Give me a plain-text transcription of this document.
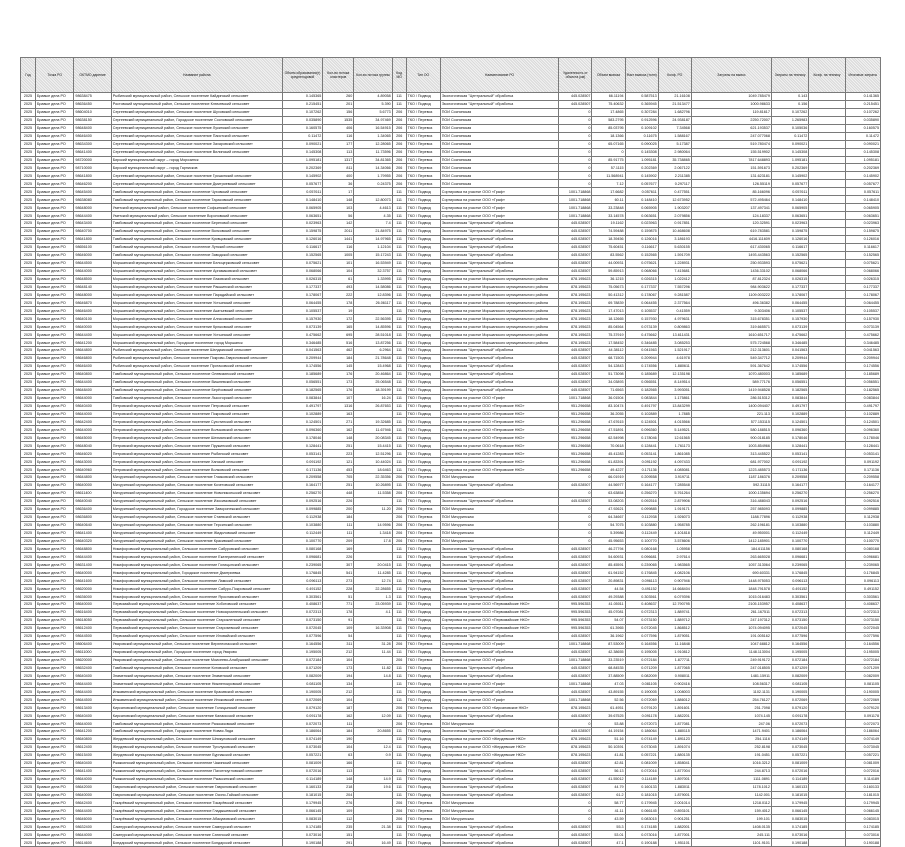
Год	Точка РО	ОКТМО дарение	Название района	Объем образования(т) среднегодовой	Кол-во потока кластеров	Кол-во потока группы	Код МО	Тип ОО	Наименование РО	Удаленность от объекта (км)	Объем вывоза	Факт вывоза (тонн)	Коэф. РО	Затраты на вывоз	Затраты на технику	Коэф. на технику	Итоговые затраты
2025	Бравые дела РО	98638475	Рыбинский муниципальный район, Сельское поселение Кайдинский сельсовет	0.145365	260	4.89058	111	ТКО / Подвод	Экологическая "Центральный" обработка	445.028507	66.11194	0.587513	21.16108	1049.785479	0.143		0.141365
2025	Бравые дела РО	98636450	Ростовский муниципальный район, Сельское поселение Ключевский сельсовет	0.215451	201	5.390	111	ТКО / Подвод	Экологическая "Центральный" обработка	445.028507	75.40632	0.365945	21.513477	1000.98633	0.156		0.215451
2025	Бравые дела РО	98604010	Сергеевский муниципальный район, Сельское поселение Шуховский сельсовет	0.107262	156	5.6773	206	ТКО / Перевоз	ПОИ Соснинская	0	17.4865	0.307284	1.682796	119.81617	0.107262		0.107262
2025	Бравые дела РО	98638150	Сергеевский муниципальный район, Городское поселение Сосновский сельсовет	0.035890	1535	34.97469	206	ТКО / Перевоз	ПОИ Соснинская	0	583.2795	0.912596	24.938187	2250.72007	1.265983		0.035890
2025	Бравые дела РО	98648400	Сергеевский муниципальный район, Сельское поселение Лукинский сельсовет	0.160575	406	16.54915	206	ТКО / Перевоз	ПОИ Соснинская	0	85.03795	0.109102	7.34568	621.193537	0.105036		0.160575
2025	Бравые дела РО	98646400	Сергеевский муниципальный район, Сельское поселение Паистский сельсовет	0.11472	116	1.34065	206	ТКО / Перевоз	ПОИ Соснинская	0	18.1366	0.11675	1.588167	247.077068	0.11472		0.11472
2025	Бравые дела РО	98634300	Сергеевский муниципальный район, Сельское поселение Захаровский сельсовет	0.090021	177	12.28065	206	ТКО / Перевоз	ПОИ Соснинская	0	65.07165	0.090025	5.17387	519.780474	0.090021		0.090021
2025	Бравые дела РО	98641400	Сергеевский муниципальный район, Сельское поселение Вилинский сельсовет	0.145308	113	11.73596	206	ТКО / Перевоз	ПОИ Соснинская	0	0	0.145308	2.980064	155.519902	0.145308		0.145308
2025	Бравые дела РО	98720000	Бирский муниципальный округ – город Морозинск	1.095181	1317	34.81365	206	ТКО / Перевоз	ПОИ Соснинская	0	85.91775	1.095181	35.738865	7817.648893	1.095181		1.095181
2025	Бравые дела РО	98710000	Бирский муниципальный округ – город Гарнисков	0.202369	811	14.34066	206	ТКО / Перевоз	ПОИ Соснинская	0	57.1115	0.202369	2.067122	151.591673	0.202369		0.202369
2025	Бравые дела РО	98641800	Сергеевский муниципальный район, Сельское поселение Гришинский сельсовет	0.145902	400	1.79955	206	ТКО / Перевоз	ПОИ Соснинская	0	11.568941	0.145902	2.211385	131.623181	0.145902		0.145902
2025	Бравые дела РО	98646200	Сергеевский муниципальный район, Сельское поселение Дмитриевский сельсовет	0.057677	36	0.24375	206	ТКО / Перевоз	ПОИ Соснинская	0	7.12	0.057677	0.297117	126.55119	0.057677		0.057677
2025	Бравые дела РО	98645400	Тамбовский муниципальный район, Сельское поселение Чуховский сельсовет	0.057611	17		111	ТКО / Подвод	Сортировка на участке ООО «Граф»	1001.718868	17.6682	0.057611	0.477551	85.166096	0.057611		0.057611
2025	Бравые дела РО	98638080	Тамбовский муниципальный район, Сельское поселение Тарасовский сельсовет	0.148410	148	12.80073	111	ТКО / Подвод	Сортировка на участке ООО «Граф»	1001.718868	60.11	0.148410	12.673952	572.495464	0.148410		0.148410
2025	Бравые дела РО	98648000	Уметский муниципальный район, Сельское поселение Софьинский сельсовет	0.065905	103	4.4613	111	ТКО / Подвод	Сортировка на участке ООО «Граф»	1001.718868	33.23848	0.065905	1.903207	137.497341	0.065905		0.065905
2025	Бравые дела РО	98644400	Уметский муниципальный район, Сельское поселение Вороновский сельсовет	0.063651	56	4.35	111	ТКО / Подвод	Сортировка на участке ООО «Граф»	1001.718868	33.14578	0.063651	2.079856	124.18337	0.063651		0.063651
2025	Бравые дела РО	98643400	Тамбовский муниципальный район, Сельское поселение Береговой сельсовет	0.023963	142	7.4	111	ТКО / Подвод	Экологическая "Центральный" обработка	445.028507	19.1162	0.023963	0.917851	120.32591	0.023963		0.023963
2025	Бравые дела РО	98640700	Тамбовский муниципальный район, Сельское поселение Волковский сельсовет	0.159875	2011	21.84975	111	ТКО / Подвод	Экологическая "Центральный" обработка	445.028507	74.59488	0.159875	10.468608	619.783581	0.159875		0.159875
2025	Бравые дела РО	98641800	Тамбовский муниципальный район, Сельское поселение Кривцовский сельсовет	0.126016	1441	14.97965	111	ТКО / Подвод	Экологическая "Центральный" обработка	445.028507	18.39456	0.126016	3.186193	4416.111609	0.126016		0.126016
2025	Бравые дела РО	98656100	Тамбовский муниципальный район, Сельское поселение Лунский сельсовет	0.116617	116	1.12104	111	ТКО / Подвод	Экологическая "Центральный" обработка	445.028507	75.60451	0.116617	5.630155	617.430065	0.116617		0.116617
2025	Бравые дела РО	98646000	Тамбовский муниципальный район, Сельское поселение Заводской сельсовет	0.152565	1005	15.17243	111	ТКО / Подвод	Экологическая "Центральный" обработка	445.028507	83.5562	0.152565	1.591709	1493.443563	0.152565		0.152565
2025	Бравые дела РО	98644500	Моршанский муниципальный район, Сельское поселение Белоцерковский сельсовет	0.075621	101	16.53949	111	ТКО / Подвод	Экологическая "Центральный" обработка	445.028507	44.00931	0.075621	1.228931	250.933593	0.075621		0.075621
2025	Бравые дела РО	98644000	Моршанский муниципальный район, Сельское поселение Аргамаковский сельсовет	0.068066	104	32.3757	111	ТКО / Подвод	Экологическая "Центральный" обработка	445.028507	59.85913	0.068066	7.415681	1436.33102	0.068066		0.068066
2025	Бравые дела РО	98648500	Моршанский муниципальный район, Сельское поселение Лазовский сельсовет	0.026315	61	1.33995	111	ТКО / Подвод	Сортировка на участке Моршанского муниципального района	878.195623	36.1215	0.026315	1.022412	87.812324	0.026315		0.026315
2025	Бравые дела РО	98648140	Моршанский муниципальный район, Сельское поселение Ракшинский сельсовет	0.177337	493	14.58086	111	ТКО / Подвод	Сортировка на участке Моршанского муниципального района	878.195623	75.05673	0.177337	7.557296	984.903622	0.177337		0.177337
2025	Бравые дела РО	98648000	Моршанский муниципальный район, Сельское поселение Парадийский сельсовет	0.178067	222	12.8396	111	ТКО / Подвод	Сортировка на участке Моршанского муниципального района	878.195623	50.41312	0.178067	9.281587	1109.003222	0.178067		0.178067
2025	Бравые дела РО	98646870	Моршанский муниципальный район, Сельское поселение Устьинский сельсовет	0.064455	178	26.06117	111	ТКО / Подвод	Сортировка на участке Моршанского муниципального района	878.195623	69.78839	0.064455	2.377564	496.36382	0.064455		0.064455
2025	Бравые дела РО	98646400	Моршанский муниципальный район, Сельское поселение Акатьевский сельсовет	0.105537	19		111	ТКО / Подвод	Сортировка на участке Моршанского муниципального района	878.195623	17.47013	0.105537	0.41559	9.303406	0.105537		0.105537
2025	Бравые дела РО	98640100	Моршанский муниципальный район, Сельское поселение Алгасовский сельсовет	0.157930	172	22.56395	111	ТКО / Подвод	Сортировка на участке Моршанского муниципального района	878.195623	18.12665	0.157930	4.979631	315.678351	0.157930		0.157930
2025	Бравые дела РО	98640000	Моршанский муниципальный район, Сельское поселение Крюковский сельсовет	0.073139	165	14.85596	111	ТКО / Подвод	Сортировка на участке Моршанского муниципального района	878.195623	85.04564	0.073139	0.809863	319.665571	0.073139		0.073139
2025	Бравые дела РО	98644400	Моршанский муниципальный район, Сельское поселение Устьинский сельсовет	0.475662	695	28.51018	111	ТКО / Подвод	Сортировка на участке Моршанского муниципального района	878.195623	75.37919	0.475662	13.611431	1610.651717	0.475662		0.475662
2025	Бравые дела РО	98641200	Моршанский муниципальный район, Городское поселение город Моршанск	0.346485	516	13.87256	111	ТКО / Подвод	Сортировка на участке Моршанского муниципального района	878.195623	17.58452	0.346485	3.085253	575.724568	0.346485		0.346485
2025	Бравые дела РО	98644800	Рыбинский муниципальный район, Сельское поселение Шелдаисский сельсовет	0.041563	462	6.2964	111	ТКО / Подвод	Экологическая "Центральный" обработка	445.028507	44.38112	0.041563	1.521917	212.313601	0.041563		0.041563
2025	Бравые дела РО	98646800	Рыбинский муниципальный район, Сельское поселение Покрово-Гавриловский сельсовет	0.209944	184	21.78648	111	ТКО / Подвод	Экологическая "Центральный" обработка	445.028507	68.71503	0.209944	4.61978	549.347712	0.209944		0.209944
2025	Бравые дела РО	98646400	Рыбинский муниципальный район, Сельское поселение Протасовский сельсовет	0.174556	145	15.4968	111	ТКО / Подвод	Экологическая "Центральный" обработка	445.028507	54.12843	0.174556	1.880611	591.367642	0.174556		0.174556
2025	Бравые дела РО	98640800	Тамбовский муниципальный район, Сельское поселение Олевизинский сельсовет	0.185689	176	20.46864	111	ТКО / Подвод	Экологическая "Центральный" обработка	445.028507	51.73098	0.185689	12.135198	1070.480003	0.185689		0.185689
2025	Бравые дела РО	98644400	Тамбовский муниципальный район, Сельское поселение Вишневский сельсовет	0.056551	173	25.06548	111	ТКО / Подвод	Экологическая "Центральный" обработка	445.028507	34.03893	0.056551	8.149514	589.77176	0.056551		0.056551
2025	Бравые дела РО	98648400	Тамбовский муниципальный район, Сельское поселение Берёзовский сельсовет	0.182565	176	18.39199	111	ТКО / Подвод	Экологическая "Центральный" обработка	445.028507	71.6563	0.182565	3.993051	1419.948528	0.182565		0.182565
2025	Бравые дела РО	98644000	Тамбовский муниципальный район, Сельское поселение Лысогорский сельсовет	0.083844	107	16.24	111	ТКО / Подвод	Сортировка на участке ООО «Граф»	1001.718868	36.01504	0.083844	1.175861	286.515312	0.083844		0.083844
2025	Бравые дела РО	98640400	Петровский муниципальный район, Сельское поселение Петровский сельсовет	0.491797	1316	26.87653	111	ТКО / Подвод	Сортировка на участке ООО «Петровские НКО»	951.296658	83.10474	0.491797	13.843299	1400.094407	0.491797		0.491797
2025	Бравые дела РО	98644000	Петровский муниципальный район, Сельское поселение Покровский сельсовет	0.102889	163		111	ТКО / Подвод	Сортировка на участке ООО «Петровские НКО»	951.296658	36.2055	0.102889	1.7885	221.113	0.102889		0.102889
2025	Бравые дела РО	98642400	Петровский муниципальный район, Сельское поселение Сухотинский сельсовет	0.124501	271	19.32685	111	ТКО / Подвод	Сортировка на участке ООО «Петровские НКО»	951.296658	47.67615	0.124501	4.015566	577.153115	0.124501		0.124501
2025	Бравые дела РО	98644000	Петровский муниципальный район, Сельское поселение Волчковский сельсовет	0.096360	162	11.67946	111	ТКО / Подвод	Сортировка на участке ООО «Петровские НКО»	951.296658	47.51891	0.096360	5.149521	580.188515	0.096360		0.096360
2025	Бравые дела РО	98645000	Петровский муниципальный район, Сельское поселение Шехманский сельсовет	0.178046	148	20.08345	111	ТКО / Подвод	Сортировка на участке ООО «Петровские НКО»	951.296658	62.54998	0.178046	12.61565	900.018185	0.178046		0.178046
2025	Бравые дела РО	98648040	Петровский муниципальный район, Сельское поселение Пружинский сельсовет	0.128441	251	15.4415	111	ТКО / Подвод	Сортировка на участке ООО «Петровские НКО»	951.296658	70.0618	0.128441	1.761173	1003.854966	0.128441		0.128441
2025	Бравые дела РО	98646020	Петровский муниципальный район, Сельское поселение Рыбинский сельсовет	0.053141	223	12.51296	111	ТКО / Подвод	Сортировка на участке ООО «Петровские НКО»	951.296658	45.41283	0.053141	1.861085	313.445522	0.053141		0.053141
2025	Бравые дела РО	98643000	Петровский муниципальный район, Сельское поселение Ханский сельсовет	0.091192	121	10.44024	111	ТКО / Подвод	Сортировка на участке ООО «Петровские НКО»	951.296658	61.83391	0.091192	4.097433	681.977002	0.091192		0.091192
2025	Бравые дела РО	98640960	Петровский муниципальный район, Сельское поселение Волковский сельсовет	0.171136	453	18.6463	111	ТКО / Подвод	Сортировка на участке ООО «Петровские НКО»	951.296658	49.4227	0.171136	4.085081	1223.485573	0.171136		0.171136
2025	Бравые дела РО	98644800	Мичуринский муниципальный район, Сельское поселение Глазковский сельсовет	0.209558	705	22.35356	206	ТКО / Перевоз	ПОИ Мичуринская	0	66.01919	0.209558	3.919711	1187.186376	0.209558		0.209558
2025	Бравые дела РО	98640000	Мичуринский муниципальный район, Сельское поселение Кочетовский сельсовет	0.164177	251	10.26895	111	ТКО / Подвод	Экологическая "Центральный" обработка	445.028507	44.56977	0.164177	7.285548	592.31115	0.164177		0.164177
2025	Бравые дела РО	98611400	Мичуринский муниципальный район, Сельское поселение Новоникольский сельсовет	0.256270	448	11.5358	206	ТКО / Перевоз	ПОИ Мичуринская	0	63.63854	0.256270	5.761264	1000.135694	0.256270		0.256270
2025	Бравые дела РО	98640040	Мичуринский муниципальный район, Сельское поселение Изосимовский сельсовет	0.092516	226		111	ТКО / Подвод	Экологическая "Центральный" обработка	445.028507	53.08203	0.092516	2.879906	316.488043	0.092516		0.092516
2025	Бравые дела РО	98636400	Мичуринский муниципальный район, Городское поселение Заворонежский сельсовет	0.099885	200	11.20	206	ТКО / Перевоз	ПОИ Мичуринская	0	47.92621	0.099885	1.919171	257.985093	0.099885		0.099885
2025	Бравые дела РО	98636800	Мичуринский муниципальный район, Сельское поселение Стаевский сельсовет	0.112938	184		206	ТКО / Перевоз	ПОИ Мичуринская	0	64.34667	0.112938	1.926073	1188.77896	0.112938		0.112938
2025	Бравые дела РО	98640640	Мичуринский муниципальный район, Сельское поселение Терсинский сельсовет	0.103880	111	14.9596	206	ТКО / Перевоз	ПОИ Мичуринская	0	54.7075	0.103880	1.958785	262.196181	0.103880		0.103880
2025	Бравые дела РО	98641400	Мичуринский муниципальный район, Сельское поселение Жидиловский сельсовет	0.112449	111	1.3418	206	ТКО / Перевоз	ПОИ Мичуринская	0	5.39986	0.112449	4.101818	49.950001	0.112449		0.112449
2025	Бравые дела РО	98640320	Мичуринский муниципальный район, Сельское поселение Красивский сельсовет	0.100770	209	17.8	206	ТКО / Перевоз	ПОИ Мичуринская	0	45.95653	0.100770	3.578606	1412.185901	0.100770		0.100770
2025	Бравые дела РО	98648800	Никифоровский муниципальный район, Сельское поселение Сабуровский сельсовет	0.080168	169		111	ТКО / Подвод	Экологическая "Центральный" обработка	445.028507	46.27794	0.080168	1.05958	184.611156	0.080168		0.080168
2025	Бравые дела РО	98644400	Никифоровский муниципальный район, Сельское поселение Екатерининский сельсовет	0.096681	226		111	ТКО / Подвод	Экологическая "Центральный" обработка	445.028507	54.60931	0.096681	2.97614	263.665028	0.096681		0.096681
2025	Бравые дела РО	98631400	Никифоровский муниципальный район, Сельское поселение Голицынский сельсовет	0.239065	307	20.0415	111	ТКО / Подвод	Экологическая "Центральный" обработка	445.028507	85.45591	0.239065	1.983565	1057.313064	0.239065		0.239065
2025	Бравые дела РО	98640000	Никифоровский муниципальный район, Городское поселение Дмитриевка	0.176845	541	11.4285	111	ТКО / Подвод	Экологическая "Центральный" обработка	445.028507	61.94152	0.176845	4.082106	690.60331	0.176845		0.176845
2025	Бравые дела РО	98641600	Никифоровский муниципальный район, Сельское поселение Ламский сельсовет	0.096113	273	12.74	111	ТКО / Подвод	Экологическая "Центральный" обработка	445.028507	20.89831	0.096113	0.907946	1448.975053	0.096113		0.096113
2025	Бравые дела РО	98620000	Никифоровский муниципальный район, Сельское поселение Сабуро-Покровский сельсовет	0.491152	228	22.28655	111	ТКО / Подвод	Экологическая "Центральный" обработка	445.028507	44.54	0.491152	14.668404	1848.791578	0.491152		0.491152
2025	Бравые дела РО	98636000	Никифоровский муниципальный район, Сельское поселение Ярославский сельсовет	0.303561	51	1.3	111	ТКО / Подвод	Экологическая "Центральный" обработка	445.028507	49.29388	0.303561	6.079396	1015.016483	0.303561		0.303561
2025	Бравые дела РО	98640000	Первомайский муниципальный район, Сельское поселение Хоботовский сельсовет	0.408637	771	23.05939	111	ТКО / Подвод	Сортировка на участке ООО «Первомайские НКО»	995.596353	41.05011	0.408637	12.790795	2105.153957	0.408637		0.408637
2025	Бравые дела РО	98616400	Первомайский муниципальный район, Сельское поселение Новоархангельский сельсовет	0.072313	178	4.1	111	ТКО / Подвод	Сортировка на участке ООО «Первомайские НКО»	995.596353	45.07081	0.072313	1.889741	261.167511	0.072313		0.072313
2025	Бравые дела РО	98618050	Первомайский муниципальный район, Сельское поселение Старокленский сельсовет	0.073150	91		111	ТКО / Подвод	Сортировка на участке ООО «Первомайские НКО»	995.596353	54.07	0.073150	1.889712	247.197312	0.073150		0.073150
2025	Бравые дела РО	98612400	Первомайский муниципальный район, Сельское поселение Староseвский сельсовет	0.072045	109	16.33908	111	ТКО / Подвод	Сортировка на участке ООО «Первомайские НКО»	995.596353	61.3965	0.072045	1.868512	1074.094095	0.072045		0.072045
2025	Бравые дела РО	98644500	Первомайский муниципальный район, Сельское поселение Иловайский сельсовет	0.077596	54		111	ТКО / Подвод	Экологическая "Центральный" обработка	445.028507	36.1962	0.077596	1.879051	191.005162	0.077596		0.077596
2025	Бравые дела РО	98606400	Уваровский муниципальный район, Сельское поселение Верхнеспасский сельсовет	0.164556	311	31.28	206	ТКО / Перевоз	Сортировка на участке ООО «Граф»	1001.718868	87.53009	0.164556	11.16848	1047.68812	0.164556		0.164556
2025	Бравые дела РО	98611000	Уваровский муниципальный район, Городское поселение город Уварово	0.195005	212	11.44	111	ТКО / Подвод	Экологическая "Центральный" обработка	445.028507	42.38655	0.195005	1.910812	1148.113004	0.195005		0.195005
2025	Бравые дела РО	98620000	Уваровский муниципальный район, Сельское поселение Моисеево-Алабушский сельсовет	0.072184	104		206	ТКО / Перевоз	Сортировка на участке ООО «Граф»	1001.718868	33.23519	0.072184	1.877711	249.919172	0.072184		0.072184
2025	Бравые дела РО	98632400	Тамбовский муниципальный район, Сельское поселение Котовский сельсовет	0.071209	173	11.82	111	ТКО / Подвод	Экологическая "Центральный" обработка	445.028507	68.84535	0.071209	1.877065	247.018505	0.071209		0.071209
2025	Бравые дела РО	98640400	Знаменский муниципальный район, Сельское поселение Знаменский сельсовет	0.082009	194	14.8	111	ТКО / Подвод	Экологическая "Центральный" обработка	445.028507	37.88509	0.082009	0.908011	1481.15911	0.082009		0.082009
2025	Бравые дела РО	98644400	Знаменский муниципальный район, Сельское поселение Нижнепокровский сельсовет	0.081105	134		111	ТКО / Подвод	Сортировка на участке ООО «Граф»	1001.718868	47.03	0.081105	0.902416	108.56317	0.081105		0.081105
2025	Бравые дела РО	98644400	Инжавинский муниципальный район, Сельское поселение Красивский сельсовет	0.190005	212		111	ТКО / Подвод	Экологическая "Центральный" обработка	445.028507	43.89155	0.190005	1.008003	1102.1131	0.190005		0.190005
2025	Бравые дела РО	98644500	Инжавинский муниципальный район, Сельское поселение Иноковский сельсовет	0.072069	104		111	ТКО / Подвод	Сортировка на участке ООО «Граф»	1001.718868	52.56	0.072069	1.886012	254.76127	0.072069		0.072069
2025	Бравые дела РО	98613400	Кирсановский муниципальный район, Сельское поселение Голицынский сельсовет	0.079120	187		206	ТКО / Перевоз	Сортировка на участке ООО «Кирсановские НКО»	878.195623	61.4951	0.079120	1.891601	251.7098	0.079120		0.079120
2025	Бравые дела РО	98640400	Кирсановский муниципальный район, Сельское поселение Калаисский сельсовет	0.091178	162	12.09	111	ТКО / Подвод	Экологическая "Центральный" обработка	445.028507	39.67525	0.091178	1.882201	1074.145	0.091178		0.091178
2025	Бравые дела РО	98644000	Тамбовский муниципальный район, Сельское поселение Разсказовский сельсовет	0.072073	111		206	ТКО / Перевоз	ПОИ Мичуринская	0	53.88	0.072073	1.877081	247.06	0.072073		0.072073
2025	Бравые дела РО	98641200	Тамбовский муниципальный район, Городское поселение Новая Ляда	0.186064	184	20.8655	111	ТКО / Подвод	Экологическая "Центральный" обработка	445.028507	44.19154	0.186064	1.880115	1471.9401	0.186064		0.186064
2025	Бравые дела РО	98640800	Жердевский муниципальный район, Сельское поселение Шпикуловский сельсовет	0.074149	190		111	ТКО / Подвод	Сортировка на участке ООО «Жердевские НКО»	878.195623	51.16	0.074149	1.891123	254.1116	0.074149		0.074149
2025	Бравые дела РО	98612400	Жердевский муниципальный район, Сельское поселение Туголуковский сельсовет	0.073045	104	12.4	111	ТКО / Подвод	Сортировка на участке ООО «Жердевские НКО»	878.195623	50.10391	0.073045	1.891074	252.8198	0.073045		0.073045
2025	Бравые дела РО	98615400	Жердевский муниципальный район, Сельское поселение Бурнакский сельсовет	0.057221	63	0.9	111	ТКО / Подвод	Сортировка на участке ООО «Жердевские НКО»	878.195623	41.81	0.057221	1.880135	191.0451	0.057221		0.057221
2025	Бравые дела РО	98640400	Ржаксинский муниципальный район, Сельское поселение Чакинский сельсовет	0.081009	166		111	ТКО / Подвод	Экологическая "Центральный" обработка	445.028507	42.81	0.081009	1.858041	1016.3212	0.081009		0.081009
2025	Бравые дела РО	98641400	Ржаксинский муниципальный район, Сельское поселение Пахотноугловский сельсовет	0.072016	113		111	ТКО / Подвод	Экологическая "Центральный" обработка	445.028507	56.13	0.072016	1.877004	244.8713	0.072016		0.072016
2025	Бравые дела РО	98644000	Ржаксинский муниципальный район, Сельское поселение Ржаксинский сельсовет	0.114189	148	14.9	111	ТКО / Подвод	Экологическая "Центральный" обработка	445.028507	41.55012	0.114189	1.897001	1111.0891	0.114189		0.114189
2025	Бравые дела РО	98642000	Гавриловский муниципальный район, Сельское поселение Гавриловский сельсовет	0.160133	218	19.6	111	ТКО / Подвод	Экологическая "Центральный" обработка	445.028507	44.79	0.160133	1.883011	1178.1012	0.160133		0.160133
2025	Бравые дела РО	98640000	Гавриловский муниципальный район, Сельское поселение Осино-Гайский сельсовет	0.181015	204		111	ТКО / Подвод	Экологическая "Центральный" обработка	445.028507	61.2	0.181015	1.879001	1142.001	0.181015		0.181015
2025	Бравые дела РО	98642400	Токарёвский муниципальный район, Сельское поселение Токарёвский сельсовет	0.179945	276		206	ТКО / Перевоз	ПОИ Мичуринская	0	58.77	0.179945	2.001014	1218.0112	0.179945		0.179945
2025	Бравые дела РО	98644400	Токарёвский муниципальный район, Сельское поселение Гладышевский сельсовет	0.066145	109		206	ТКО / Перевоз	ПОИ Мичуринская	0	41.11	0.066145	0.893101	159.4012	0.066145		0.066145
2025	Бравые дела РО	98646000	Токарёвский муниципальный район, Сельское поселение Абакумовский сельсовет	0.083015	112		206	ТКО / Перевоз	ПОИ Мичуринская	0	43.59	0.083015	0.901251	199.101	0.083015		0.083015
2025	Бравые дела РО	98632400	Сампурский муниципальный район, Сельское поселение Сампурский сельсовет	0.174185	235	21.38	111	ТКО / Подвод	Экологическая "Центральный" обработка	445.028507	55.3	0.174185	1.882001	1408.0135	0.174185		0.174185
2025	Бравые дела РО	98644000	Сампурский муниципальный район, Сельское поселение Сатинский сельсовет	0.073016	151		111	ТКО / Подвод	Экологическая "Центральный" обработка	445.028507	53.01	0.073016	1.877001	245.111	0.073016		0.073016
2025	Бравые дела РО	98614600	Бондарский муниципальный район, Сельское поселение Бондарский сельсовет	0.190188	291	16.49	111	ТКО / Подвод	Экологическая "Центральный" обработка	445.028507	47.1	0.190188	1.951101	1101.9101	0.190188		0.190188
